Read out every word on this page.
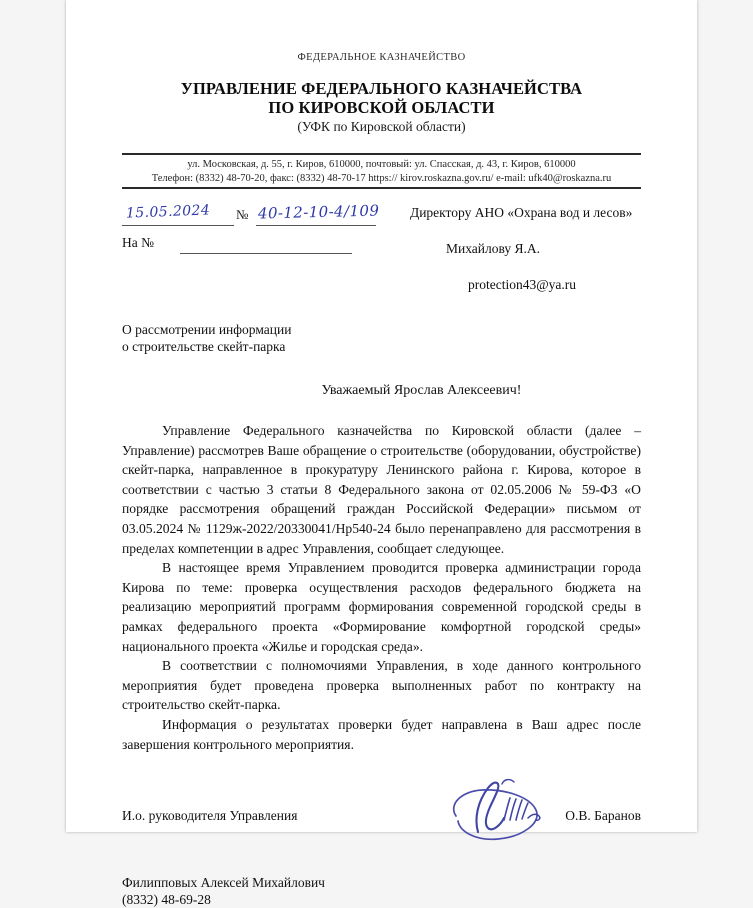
ФЕДЕРАЛЬНОЕ КАЗНАЧЕЙСТВО
УПРАВЛЕНИЕ ФЕДЕРАЛЬНОГО КАЗНАЧЕЙСТВА
ПО КИРОВСКОЙ ОБЛАСТИ
(УФК по Кировской области)
ул. Московская, д. 55, г. Киров, 610000, почтовый: ул. Спасская, д. 43, г. Киров, 610000
Телефон: (8332) 48-70-20, факс: (8332) 48-70-17 https:// kirov.roskazna.gov.ru/ e-mail: ufk40@roskazna.ru
15.05.2024 № 40-12-10-4/109
На №
Директору АНО «Охрана вод и лесов»
Михайлову Я.А.
protection43@ya.ru
О рассмотрении информации
о строительстве скейт-парка
Уважаемый Ярослав Алексеевич!

Управление Федерального казначейства по Кировской области (далее – Управление) рассмотрев Ваше обращение о строительстве (оборудовании, обустройстве) скейт-парка, направленное в прокуратуру Ленинского района г. Кирова, которое в соответствии с частью 3 статьи 8 Федерального закона от 02.05.2006 № 59-ФЗ «О порядке рассмотрения обращений граждан Российской Федерации» письмом от 03.05.2024 № 1129ж-2022/20330041/Нр540-24 было перенаправлено для рассмотрения в пределах компетенции в адрес Управления, сообщает следующее.

В настоящее время Управлением проводится проверка администрации города Кирова по теме: проверка осуществления расходов федерального бюджета на реализацию мероприятий программ формирования современной городской среды в рамках федерального проекта «Формирование комфортной городской среды» национального проекта «Жилье и городская среда».

В соответствии с полномочиями Управления, в ходе данного контрольного мероприятия будет проведена проверка выполненных работ по контракту на строительство скейт-парка.

Информация о результатах проверки будет направлена в Ваш адрес после завершения контрольного мероприятия.

И.о. руководителя Управления	О.В. Баранов
Филипповых Алексей Михайлович
(8332) 48-69-28
